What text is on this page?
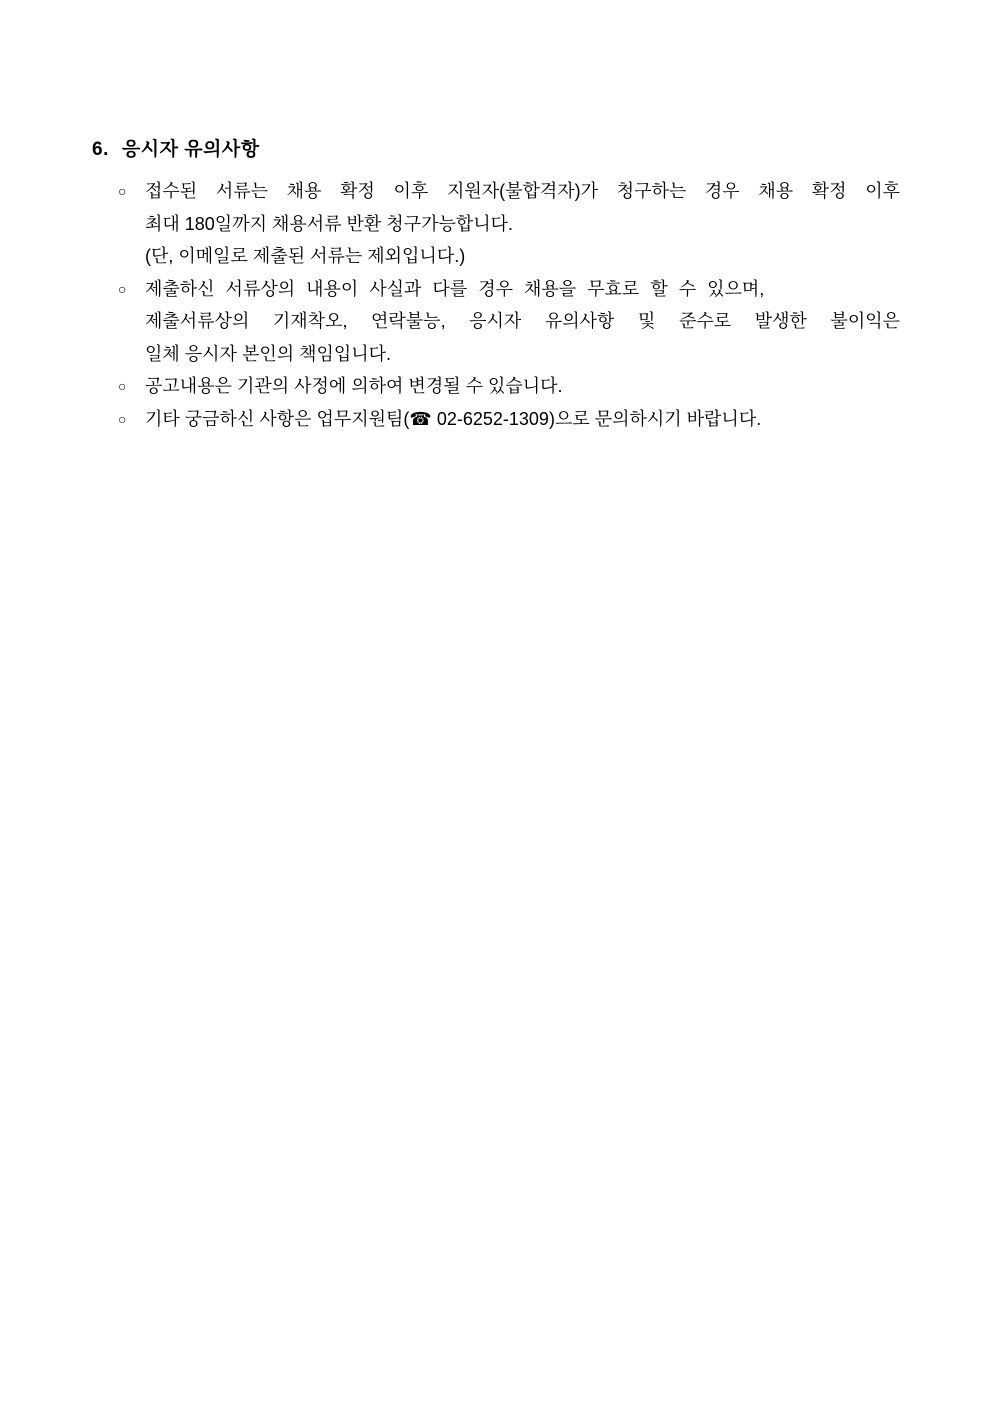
6. 응시자 유의사항
○	접수된 서류는 채용 확정 이후 지원자(불합격자)가 청구하는 경우 채용 확정 이후
최대 180일까지 채용서류 반환 청구가능합니다.
(단, 이메일로 제출된 서류는 제외입니다.)
○	제출하신 서류상의 내용이 사실과 다를 경우 채용을 무효로 할 수 있으며,
제출서류상의 기재착오, 연락불능, 응시자 유의사항 및 준수로 발생한 불이익은
일체 응시자 본인의 책임입니다.
○	공고내용은 기관의 사정에 의하여 변경될 수 있습니다.
○	기타 궁금하신 사항은 업무지원팀(☎ 02-6252-1309)으로 문의하시기 바랍니다.
